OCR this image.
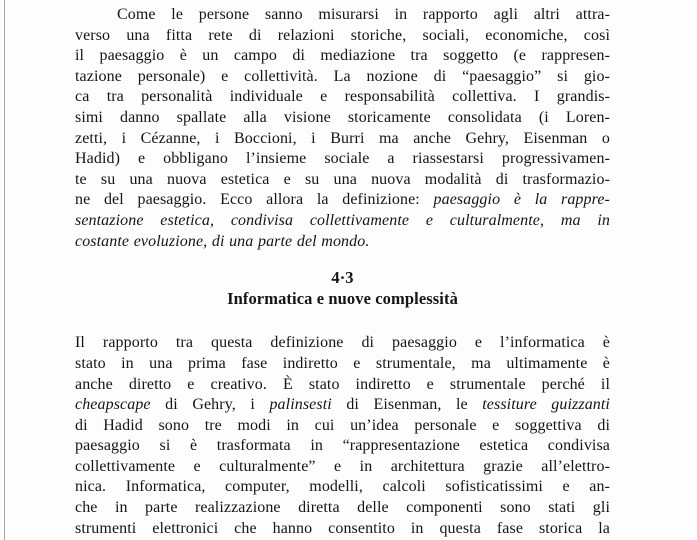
Come le persone sanno misurarsi in rapporto agli altri attra-
verso una fitta rete di relazioni storiche, sociali, economiche, così
il paesaggio è un campo di mediazione tra soggetto (e rappresen-
tazione personale) e collettività. La nozione di “paesaggio” si gio-
ca tra personalità individuale e responsabilità collettiva. I grandis-
simi danno spallate alla visione storicamente consolidata (i Loren-
zetti, i Cézanne, i Boccioni, i Burri ma anche Gehry, Eisenman o
Hadid) e obbligano l’insieme sociale a riassestarsi progressivamen-
te su una nuova estetica e su una nuova modalità di trasformazio-
ne del paesaggio. Ecco allora la definizione: paesaggio è la rappre-
sentazione estetica, condivisa collettivamente e culturalmente, ma in
costante evoluzione, di una parte del mondo.
4·3
Informatica e nuove complessità
Il rapporto tra questa definizione di paesaggio e l’informatica è
stato in una prima fase indiretto e strumentale, ma ultimamente è
anche diretto e creativo. È stato indiretto e strumentale perché il
cheapscape di Gehry, i palinsesti di Eisenman, le tessiture guizzanti
di Hadid sono tre modi in cui un’idea personale e soggettiva di
paesaggio si è trasformata in “rappresentazione estetica condivisa
collettivamente e culturalmente” e in architettura grazie all’elettro-
nica. Informatica, computer, modelli, calcoli sofisticatissimi e an-
che in parte realizzazione diretta delle componenti sono stati gli
strumenti elettronici che hanno consentito in questa fase storica la
